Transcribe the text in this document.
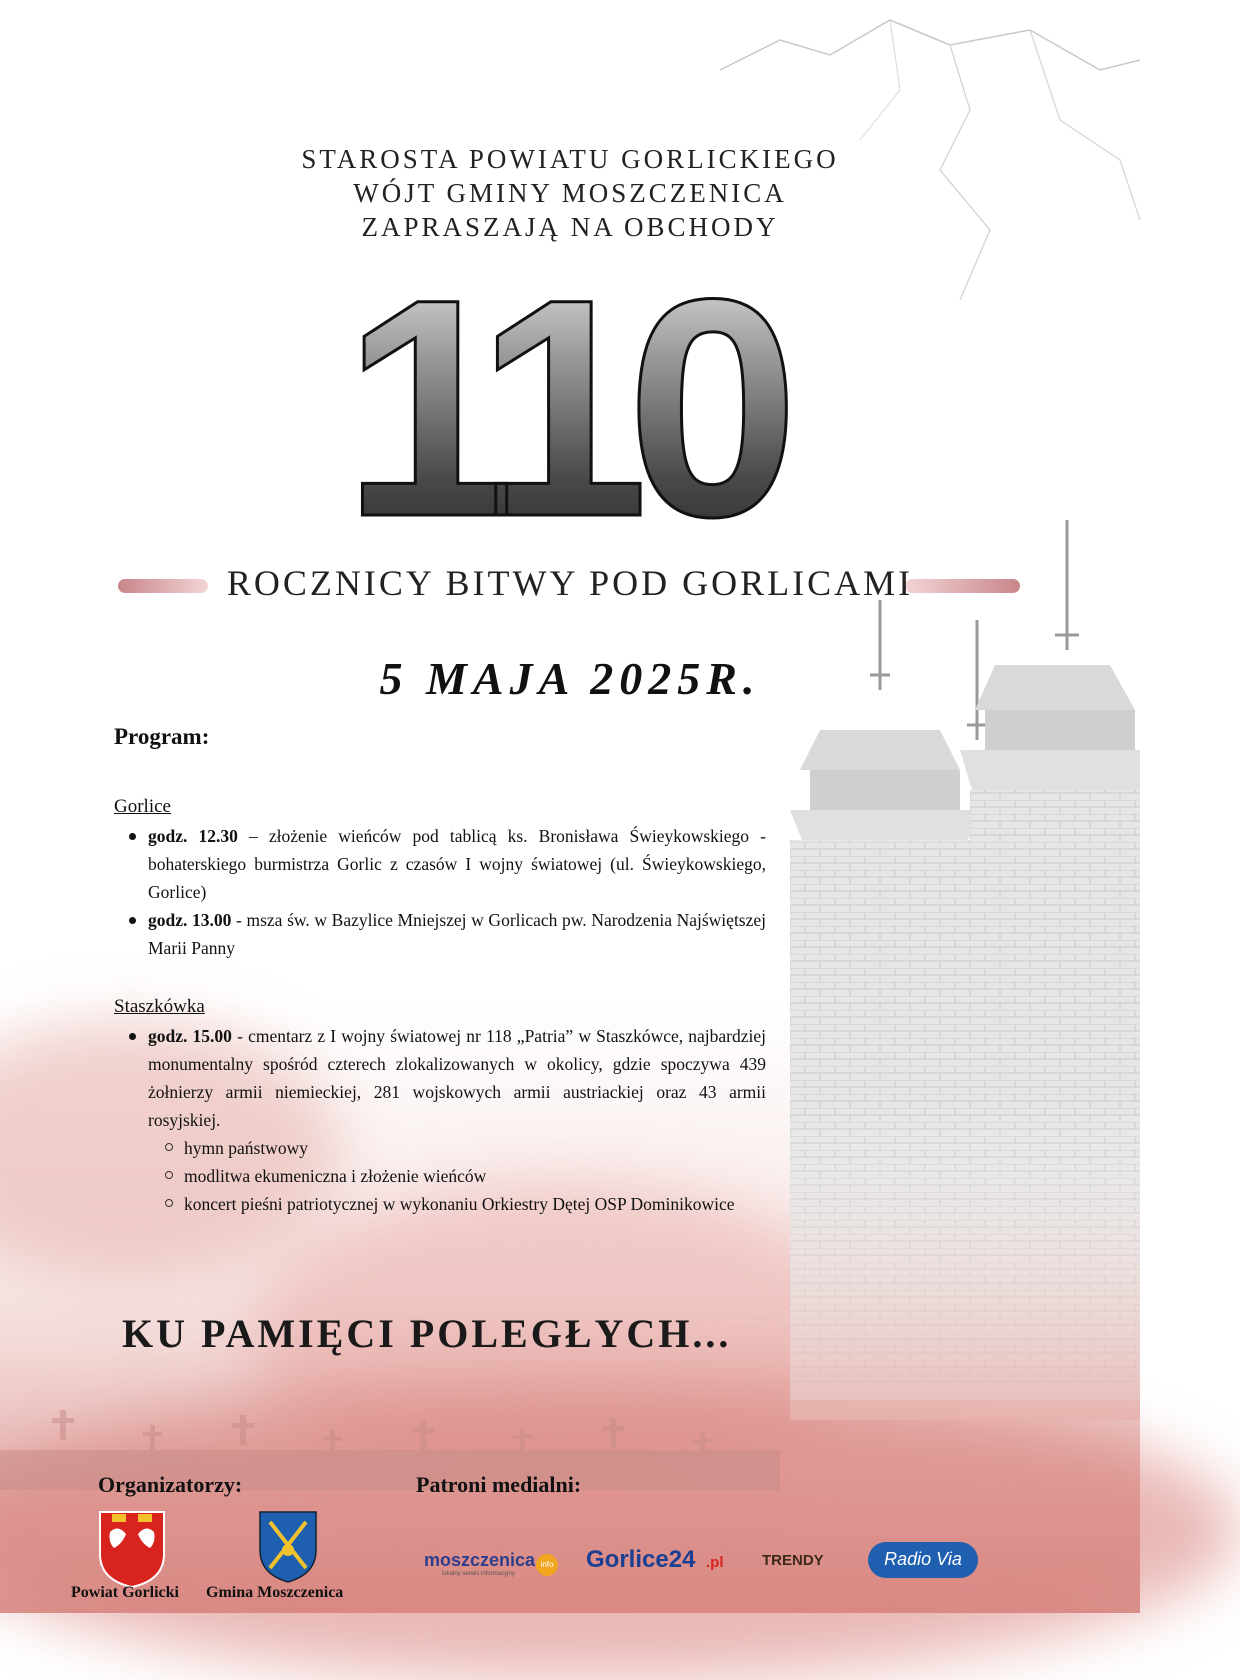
STAROSTA POWIATU GORLICKIEGO
WÓJT GMINY MOSZCZENICA
ZAPRASZAJĄ NA OBCHODY
110
ROCZNICY BITWY POD GORLICAMI
5 MAJA 2025R.
Program:
Gorlice
godz. 12.30 – złożenie wieńców pod tablicą ks. Bronisława Świeykowskiego - bohaterskiego burmistrza Gorlic z czasów I wojny światowej (ul. Świeykowskiego, Gorlice)
godz. 13.00 - msza św. w Bazylice Mniejszej w Gorlicach pw. Narodzenia Najświętszej Marii Panny
Staszkówka
godz. 15.00 - cmentarz z I wojny światowej nr 118 „Patria” w Staszkówce, najbardziej monumentalny spośród czterech zlokalizowanych w okolicy, gdzie spoczywa 439 żołnierzy armii niemieckiej, 281 wojskowych armii austriackiej oraz 43 armii rosyjskiej.
hymn państwowy
modlitwa ekumeniczna i złożenie wieńców
koncert pieśni patriotycznej w wykonaniu Orkiestry Dętej OSP Dominikowice
KU PAMIĘCI POLEGŁYCH...
Organizatorzy:
Powiat Gorlicki Gmina Moszczenica
Patroni medialni:
moszczenica
lokalny serwis informacyjny
info Gorlice24 .pl	TRENDY	Radio Via
